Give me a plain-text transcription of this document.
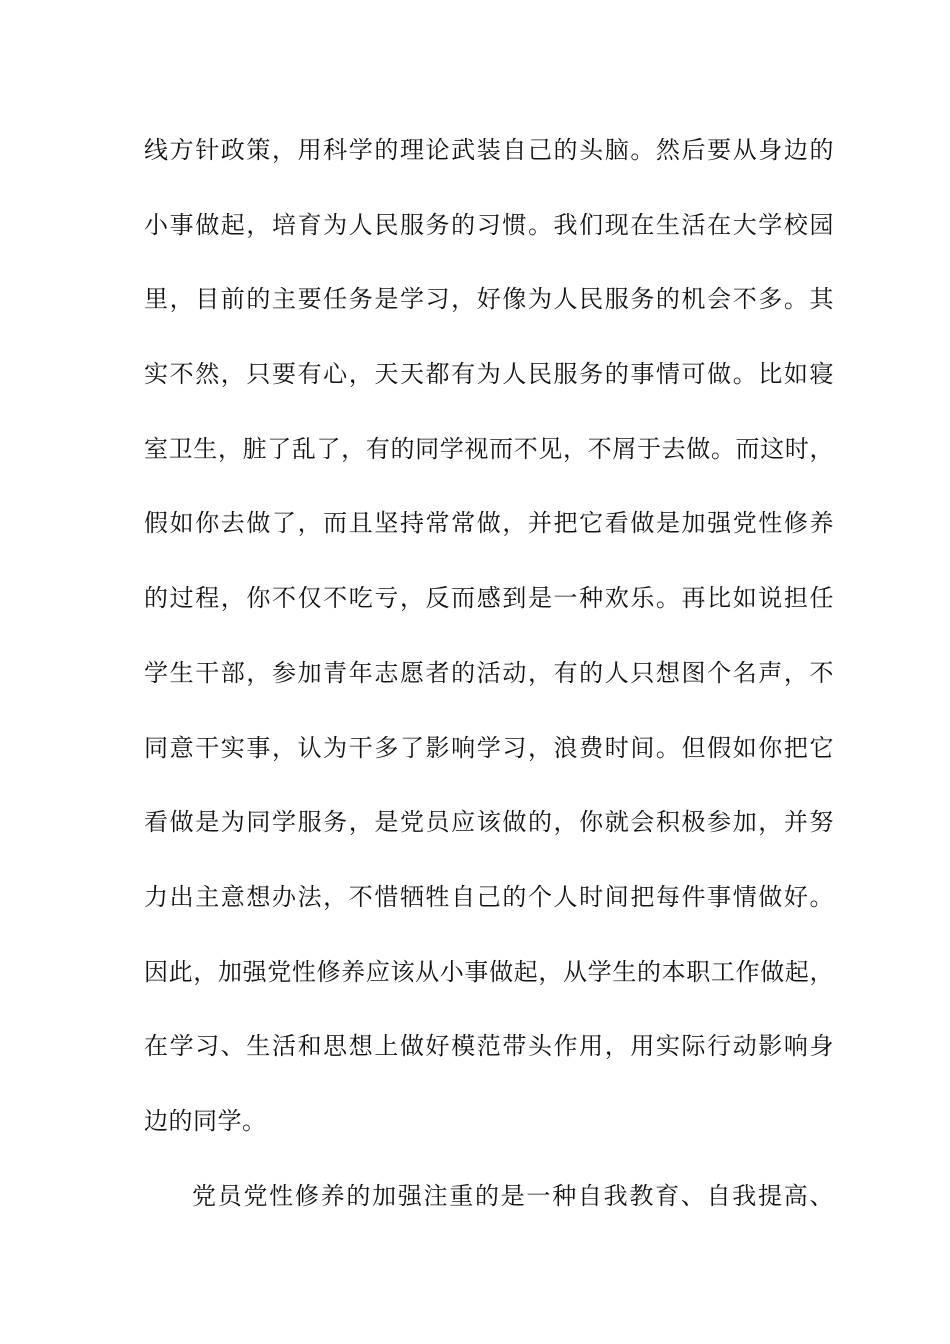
线方针政策，用科学的理论武装自己的头脑。然后要从身边的
小事做起，培育为人民服务的习惯。我们现在生活在大学校园
里，目前的主要任务是学习，好像为人民服务的机会不多。其
实不然，只要有心，天天都有为人民服务的事情可做。比如寝
室卫生，脏了乱了，有的同学视而不见，不屑于去做。而这时，
假如你去做了，而且坚持常常做，并把它看做是加强党性修养
的过程，你不仅不吃亏，反而感到是一种欢乐。再比如说担任
学生干部，参加青年志愿者的活动，有的人只想图个名声，不
同意干实事，认为干多了影响学习，浪费时间。但假如你把它
看做是为同学服务，是党员应该做的，你就会积极参加，并努
力出主意想办法，不惜牺牲自己的个人时间把每件事情做好。
因此，加强党性修养应该从小事做起，从学生的本职工作做起，
在学习、生活和思想上做好模范带头作用，用实际行动影响身
边的同学。
党员党性修养的加强注重的是一种自我教育、自我提高、
